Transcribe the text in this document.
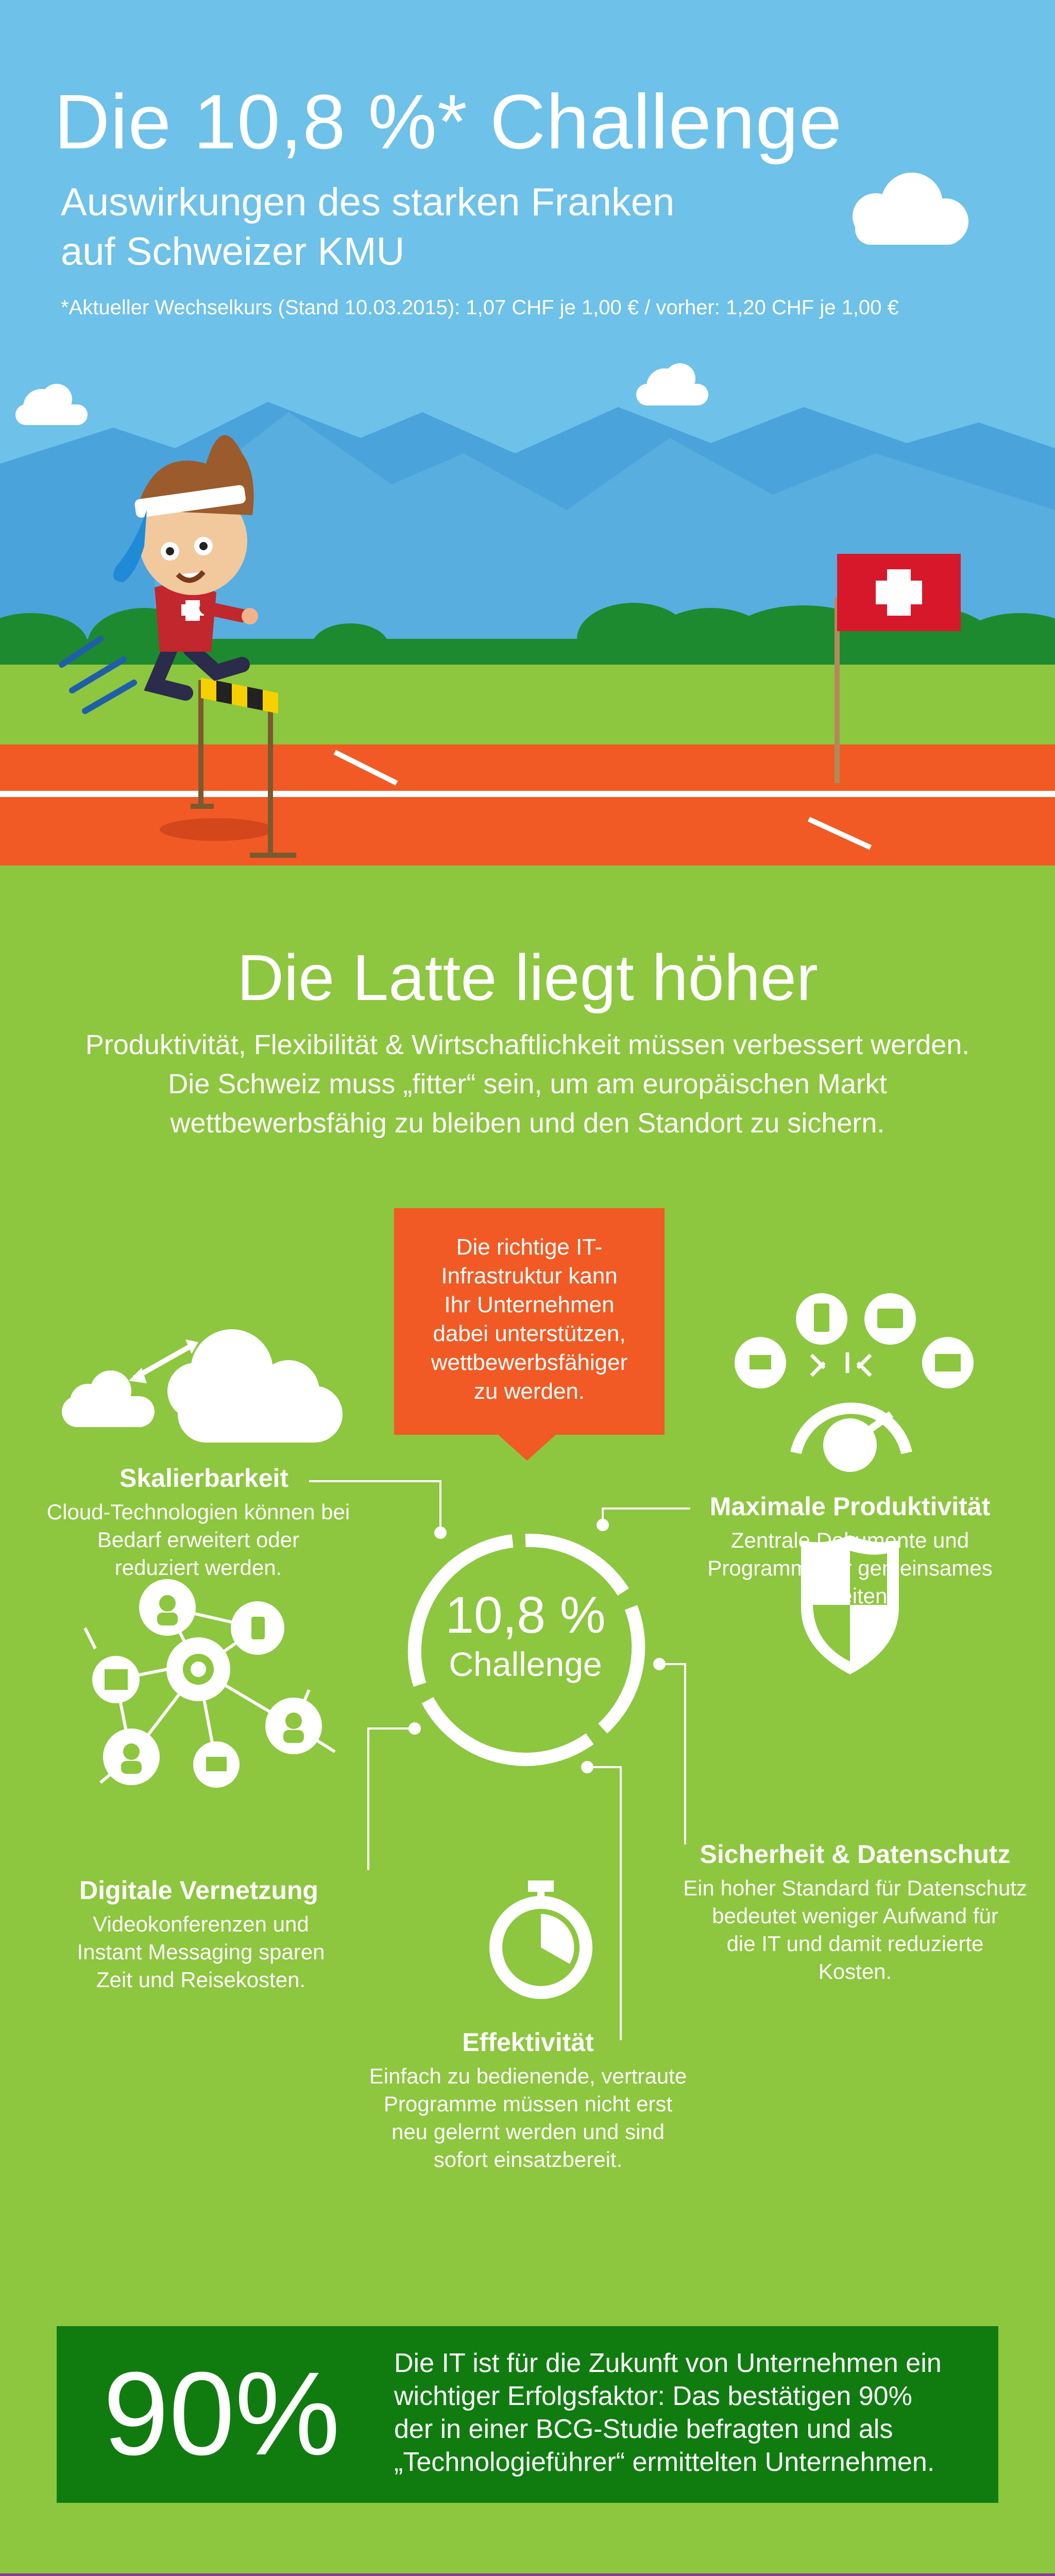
Die 10,8 %* Challenge
Auswirkungen des starken Franken
auf Schweizer KMU
*Aktueller Wechselkurs (Stand 10.03.2015): 1,07 CHF je 1,00 € / vorher: 1,20 CHF je 1,00 €
Die Latte liegt höher
Produktivität, Flexibilität & Wirtschaftlichkeit müssen verbessert werden.
Die Schweiz muss „fitter“ sein, um am europäischen Markt
wettbewerbsfähig zu bleiben und den Standort zu sichern.
Die richtige IT-
Infrastruktur kann
Ihr Unternehmen
dabei unterstützen,
wettbewerbsfähiger
zu werden.
Skalierbarkeit
Cloud-Technologien können bei
Bedarf erweitert oder
reduziert werden.
Maximale Produktivität
Zentrale Dokumente und
Programme für gemeinsames
Arbeiten.
Digitale Vernetzung
Videokonferenzen und
Instant Messaging sparen
Zeit und Reisekosten.
Sicherheit & Datenschutz
Ein hoher Standard für Datenschutz
bedeutet weniger Aufwand für
die IT und damit reduzierte
Kosten.
Effektivität
Einfach zu bedienende, vertraute
Programme müssen nicht erst
neu gelernt werden und sind
sofort einsatzbereit.
10,8 %
Challenge
90% Die IT ist für die Zukunft von Unternehmen ein
wichtiger Erfolgsfaktor: Das bestätigen 90%
der in einer BCG-Studie befragten und als
„Technologieführer“ ermittelten Unternehmen.
